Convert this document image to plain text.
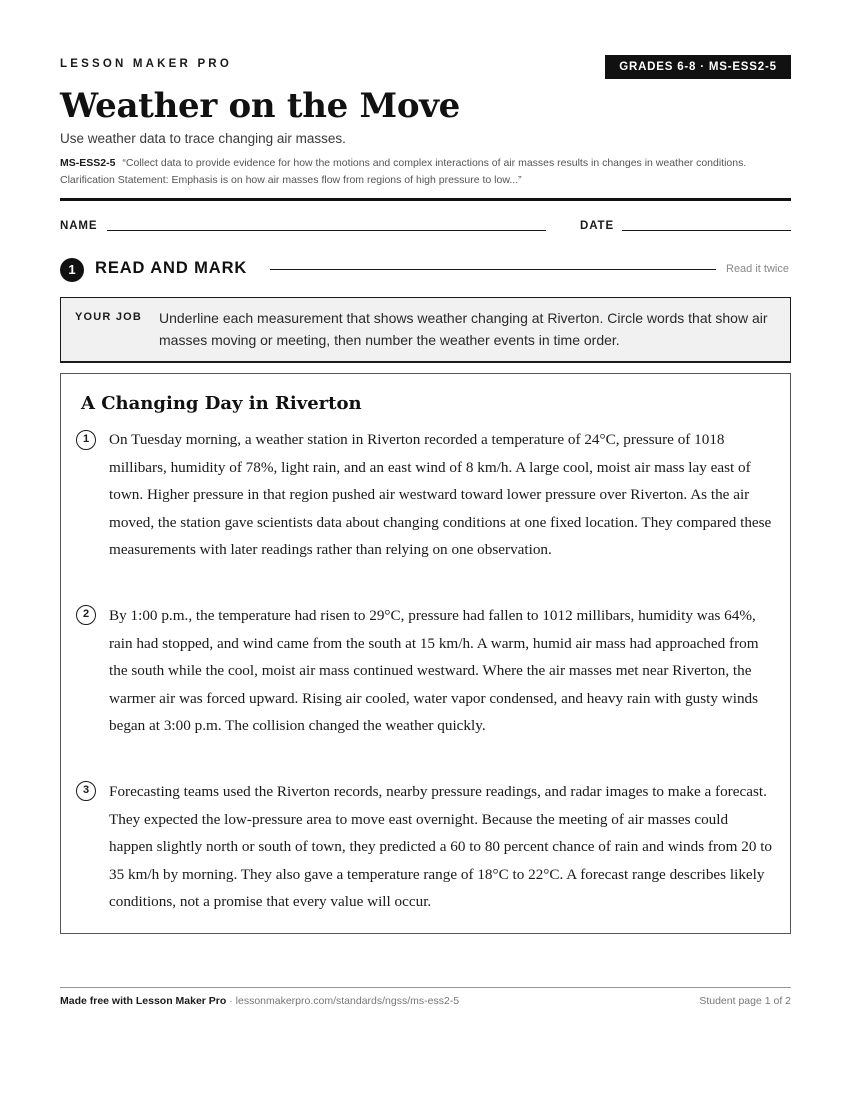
LESSON MAKER PRO	GRADES 6-8 · MS-ESS2-5
Weather on the Move
Use weather data to trace changing air masses.
MS-ESS2-5 “Collect data to provide evidence for how the motions and complex interactions of air masses results in changes in weather conditions. Clarification Statement: Emphasis is on how air masses flow from regions of high pressure to low...”
NAME	DATE
1	READ AND MARK	Read it twice
YOUR JOB Underline each measurement that shows weather changing at Riverton. Circle words that show air masses moving or meeting, then number the weather events in time order.
A Changing Day in Riverton
1	On Tuesday morning, a weather station in Riverton recorded a temperature of 24°C, pressure of 1018 millibars, humidity of 78%, light rain, and an east wind of 8 km/h. A large cool, moist air mass lay east of town. Higher pressure in that region pushed air westward toward lower pressure over Riverton. As the air moved, the station gave scientists data about changing conditions at one fixed location. They compared these measurements with later readings rather than relying on one observation.
2	By 1:00 p.m., the temperature had risen to 29°C, pressure had fallen to 1012 millibars, humidity was 64%, rain had stopped, and wind came from the south at 15 km/h. A warm, humid air mass had approached from the south while the cool, moist air mass continued westward. Where the air masses met near Riverton, the warmer air was forced upward. Rising air cooled, water vapor condensed, and heavy rain with gusty winds began at 3:00 p.m. The collision changed the weather quickly.
3	Forecasting teams used the Riverton records, nearby pressure readings, and radar images to make a forecast. They expected the low-pressure area to move east overnight. Because the meeting of air masses could happen slightly north or south of town, they predicted a 60 to 80 percent chance of rain and winds from 20 to 35 km/h by morning. They also gave a temperature range of 18°C to 22°C. A forecast range describes likely conditions, not a promise that every value will occur.
Made free with Lesson Maker Pro · lessonmakerpro.com/standards/ngss/ms-ess2-5	Student page 1 of 2
